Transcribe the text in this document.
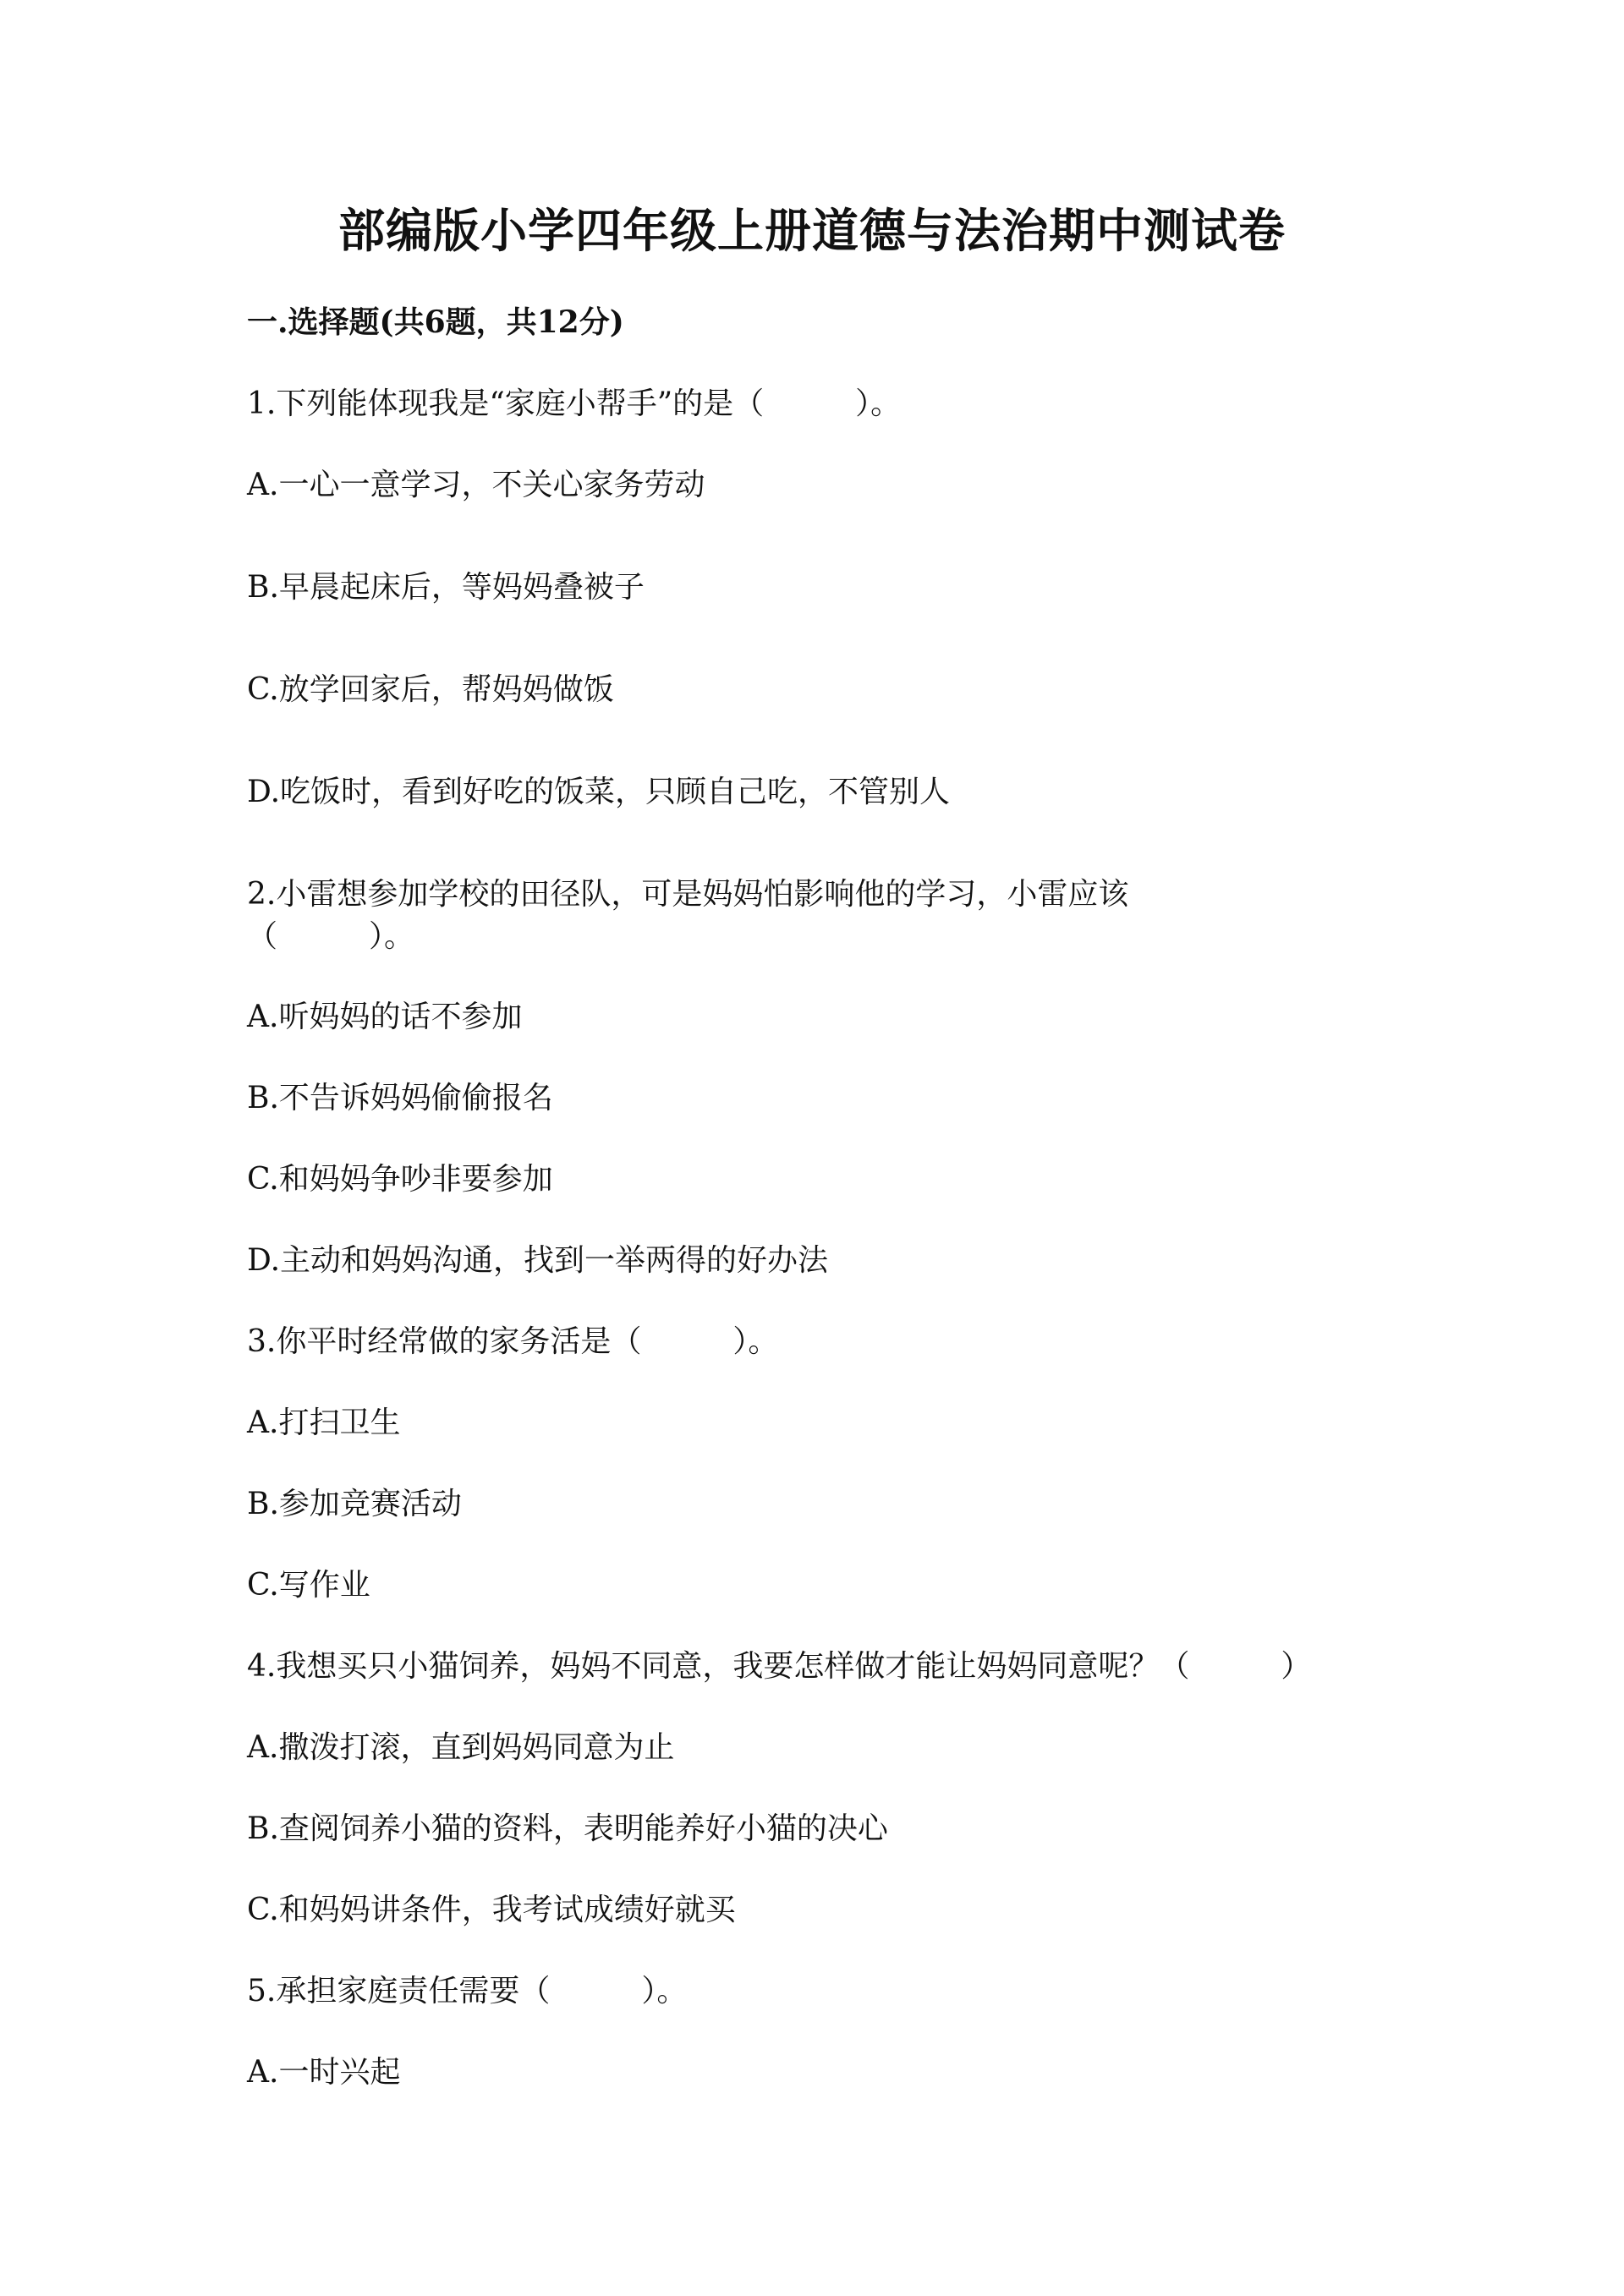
部编版小学四年级上册道德与法治期中测试卷
一.选择题(共6题，共12分)
1.下列能体现我是“家庭小帮手”的是（　　　）。
A.一心一意学习，不关心家务劳动
B.早晨起床后，等妈妈叠被子
C.放学回家后，帮妈妈做饭
D.吃饭时，看到好吃的饭菜，只顾自己吃，不管别人
2.小雷想参加学校的田径队，可是妈妈怕影响他的学习，小雷应该
（　　　）。
A.听妈妈的话不参加
B.不告诉妈妈偷偷报名
C.和妈妈争吵非要参加
D.主动和妈妈沟通，找到一举两得的好办法
3.你平时经常做的家务活是（　　　）。
A.打扫卫生
B.参加竞赛活动
C.写作业
4.我想买只小猫饲养，妈妈不同意，我要怎样做才能让妈妈同意呢？（　　　）
A.撒泼打滚，直到妈妈同意为止
B.查阅饲养小猫的资料，表明能养好小猫的决心
C.和妈妈讲条件，我考试成绩好就买
5.承担家庭责任需要（　　　）。
A.一时兴起
